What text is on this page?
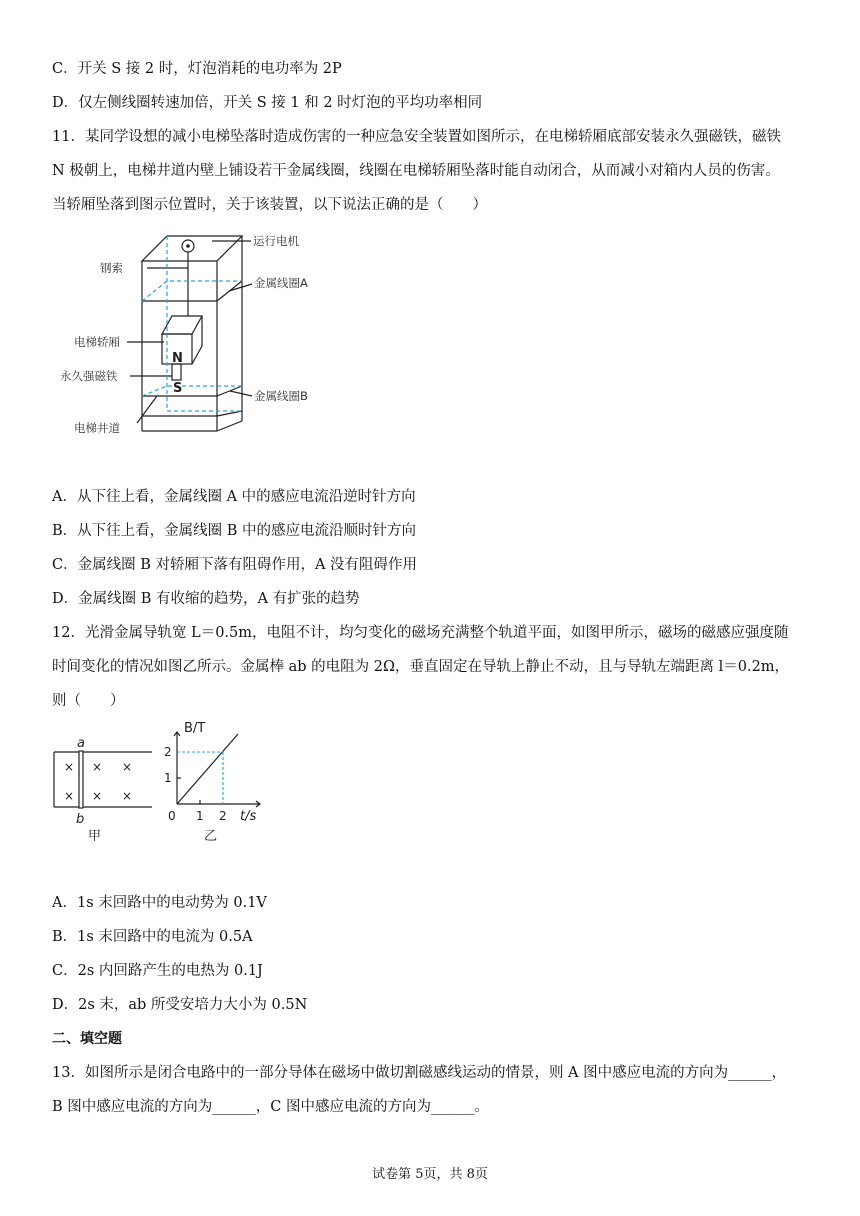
C．开关 S 接 2 时，灯泡消耗的电功率为 2P
D．仅左侧线圈转速加倍，开关 S 接 1 和 2 时灯泡的平均功率相同
11．某同学设想的减小电梯坠落时造成伤害的一种应急安全装置如图所示，在电梯轿厢底部安装永久强磁铁，磁铁
N 极朝上，电梯井道内壁上铺设若干金属线圈，线圈在电梯轿厢坠落时能自动闭合，从而减小对箱内人员的伤害。
当轿厢坠落到图示位置时，关于该装置，以下说法正确的是（　　）
运行电机
钢索
金属线圈A
电梯轿厢
永久强磁铁
金属线圈B
电梯井道
N
S
A．从下往上看，金属线圈 A 中的感应电流沿逆时针方向
B．从下往上看，金属线圈 B 中的感应电流沿顺时针方向
C．金属线圈 B 对轿厢下落有阻碍作用，A 没有阻碍作用
D．金属线圈 B 有收缩的趋势，A 有扩张的趋势
12．光滑金属导轨宽 L＝0.5m，电阻不计，均匀变化的磁场充满整个轨道平面，如图甲所示，磁场的磁感应强度随
时间变化的情况如图乙所示。金属棒 ab 的电阻为 2Ω，垂直固定在导轨上静止不动，且与导轨左端距离 l＝0.2m，
则（　　）
×
×
×
×
×
×
a
b
甲
B/T
2
1
0 1 2 t/s
乙
A．1s 末回路中的电动势为 0.1V
B．1s 末回路中的电流为 0.5A
C．2s 内回路产生的电热为 0.1J
D．2s 末，ab 所受安培力大小为 0.5N
二、填空题
13．如图所示是闭合电路中的一部分导体在磁场中做切割磁感线运动的情景，则 A 图中感应电流的方向为______，
B 图中感应电流的方向为______，C 图中感应电流的方向为______。
试卷第 5页，共 8页
